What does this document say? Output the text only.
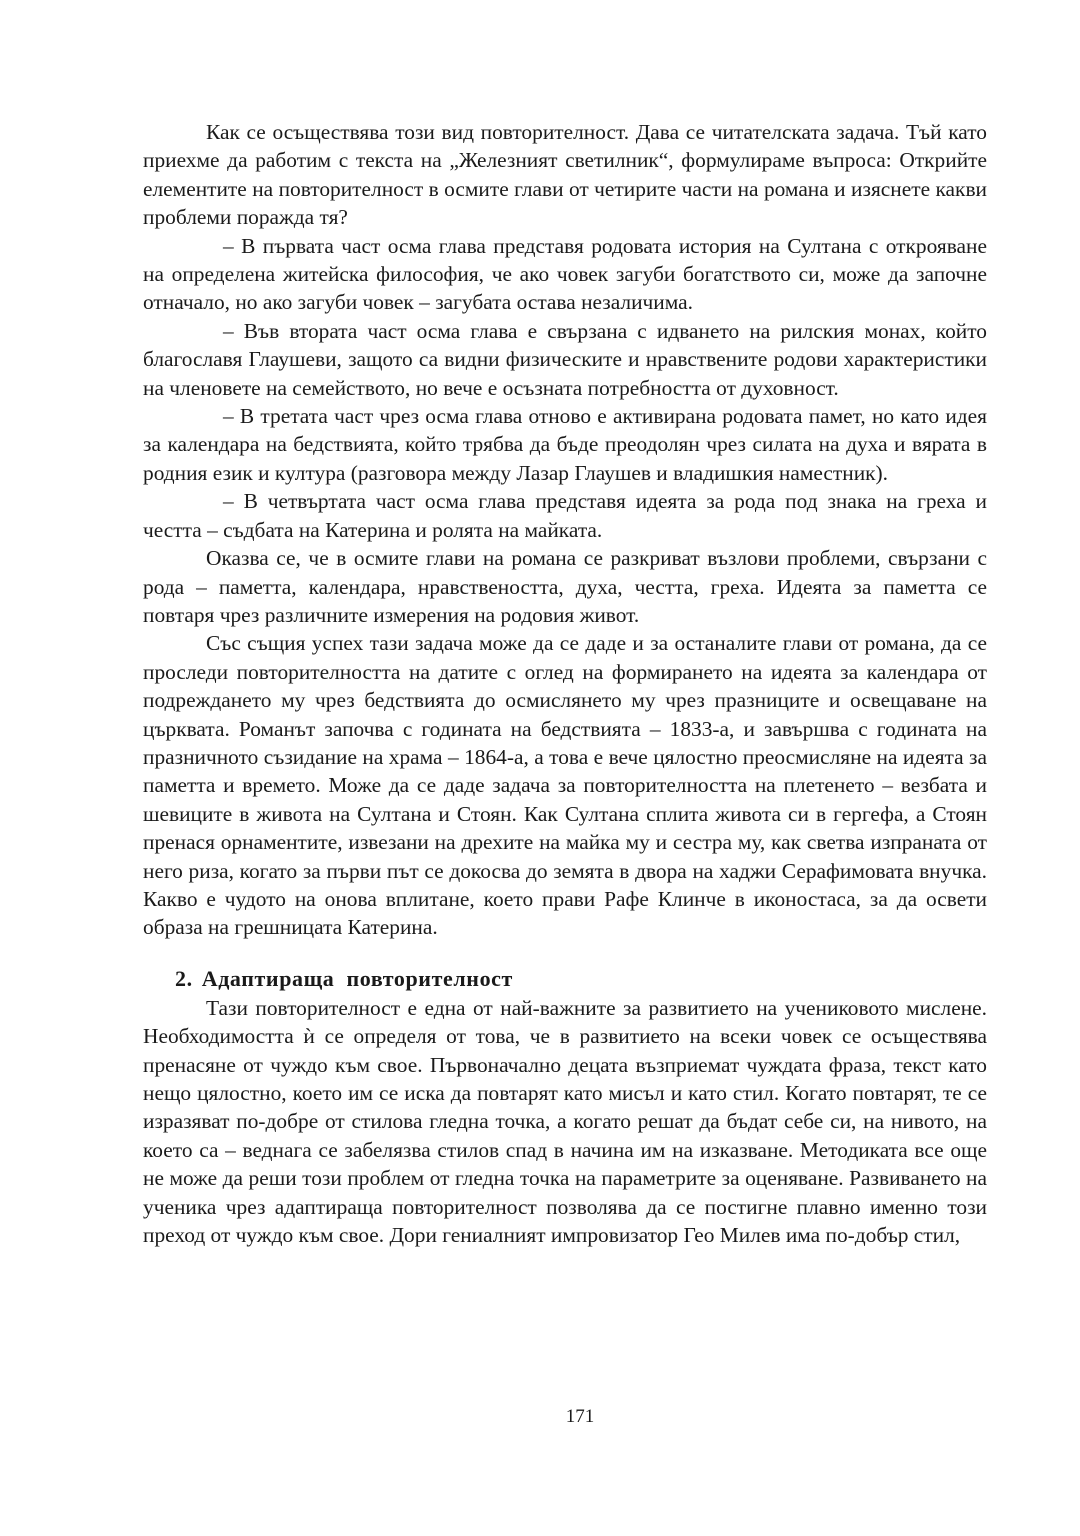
Как се осъществява този вид повторителност. Дава се читателската задача. Тъй като приехме да работим с текста на „Железният светилник“, формулираме въпроса: Открийте елементите на повторителност в осмите глави от четирите части на романа и изяснете какви проблеми поражда тя?

– В първата част осма глава представя родовата история на Султана с открояване на определена житейска философия, че ако човек загуби богатството си, може да започне отначало, но ако загуби човек – загубата остава незаличима.

– Във втората част осма глава е свързана с идването на рилския монах, който благославя Глаушеви, защото са видни физическите и нравствените родови характеристики на членовете на семейството, но вече е осъзната потребността от духовност.

– В третата част чрез осма глава отново е активирана родовата памет, но като идея за календара на бедствията, който трябва да бъде преодолян чрез силата на духа и вярата в родния език и култура (разговора между Лазар Глаушев и владишкия наместник).

– В четвъртата част осма глава представя идеята за рода под знака на греха и честта – съдбата на Катерина и ролята на майката.

Оказва се, че в осмите глави на романа се разкриват възлови проблеми, свързани с рода – паметта, календара, нравствеността, духа, честта, греха. Идеята за паметта се повтаря чрез различните измерения на родовия живот.

Със същия успех тази задача може да се даде и за останалите глави от романа, да се проследи повторителността на датите с оглед на формирането на идеята за календара от подреждането му чрез бедствията до осмислянето му чрез празниците и освещаване на църквата. Романът започва с годината на бедствията – 1833-а, и завършва с годината на празничното съзидание на храма – 1864-а, а това е вече цялостно преосмисляне на идеята за паметта и времето. Може да се даде задача за повторителността на плетенето – везбата и шевиците в живота на Султана и Стоян. Как Султана сплита живота си в гергефа, а Стоян пренася орнаментите, извезани на дрехите на майка му и сестра му, как светва изпраната от него риза, когато за първи път се докосва до земята в двора на хаджи Серафимовата внучка. Какво е чудото на онова вплитане, което прави Рафе Клинче в иконостаса, за да освети образа на грешницата Катерина.

2. Адаптираща повторителност

Тази повторителност е една от най-важните за развитието на учениковото мислене. Необходимостта ѝ се определя от това, че в развитието на всеки човек се осъществява пренасяне от чуждо към свое. Първоначално децата възприемат чуждата фраза, текст като нещо цялостно, което им се иска да повтарят като мисъл и като стил. Когато повтарят, те се изразяват по-добре от стилова гледна точка, а когато решат да бъдат себе си, на нивото, на което са – веднага се забелязва стилов спад в начина им на изказване. Методиката все още не може да реши този проблем от гледна точка на параметрите за оценяване. Развиването на ученика чрез адаптираща повторителност позволява да се постигне плавно именно този преход от чуждо към свое. Дори гениалният импровизатор Гео Милев има по-добър стил,

171
